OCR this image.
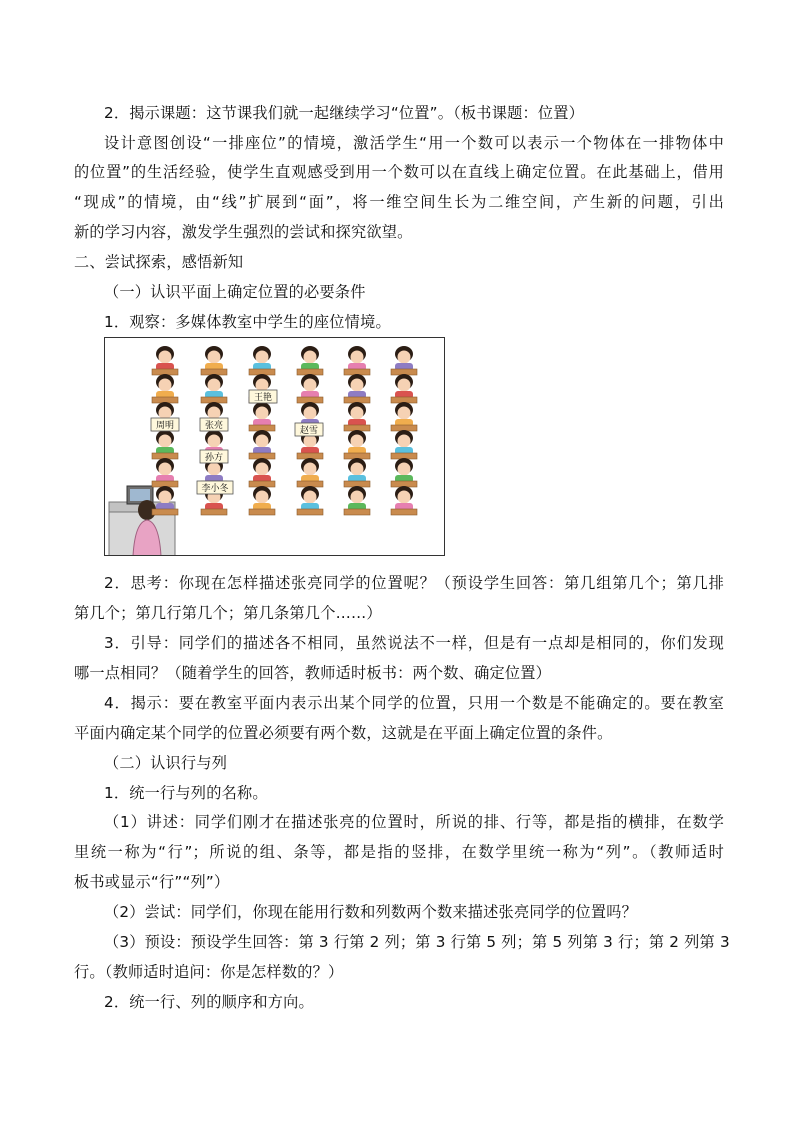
2．揭示课题：这节课我们就一起继续学习“位置”。（板书课题：位置）
设计意图创设“一排座位”的情境，激活学生“用一个数可以表示一个物体在一排物体中
的位置”的生活经验，使学生直观感受到用一个数可以在直线上确定位置。在此基础上，借用
“现成”的情境，由“线”扩展到“面”，将一维空间生长为二维空间，产生新的问题，引出
新的学习内容，激发学生强烈的尝试和探究欲望。
二、尝试探索，感悟新知
（一）认识平面上确定位置的必要条件
1．观察：多媒体教室中学生的座位情境。
王艳
周明	张亮	赵雪
孙方
李小冬
2．思考：你现在怎样描述张亮同学的位置呢？（预设学生回答：第几组第几个；第几排
第几个；第几行第几个；第几条第几个……）
3．引导：同学们的描述各不相同，虽然说法不一样，但是有一点却是相同的，你们发现
哪一点相同？（随着学生的回答，教师适时板书：两个数、确定位置）
4．揭示：要在教室平面内表示出某个同学的位置，只用一个数是不能确定的。要在教室
平面内确定某个同学的位置必须要有两个数，这就是在平面上确定位置的条件。
（二）认识行与列
1．统一行与列的名称。
（1）讲述：同学们刚才在描述张亮的位置时，所说的排、行等，都是指的横排，在数学
里统一称为“行”；所说的组、条等，都是指的竖排，在数学里统一称为“列”。（教师适时
板书或显示“行”“列”）
（2）尝试：同学们，你现在能用行数和列数两个数来描述张亮同学的位置吗？
（3）预设：预设学生回答：第 3 行第 2 列；第 3 行第 5 列；第 5 列第 3 行；第 2 列第 3
行。（教师适时追问：你是怎样数的？）
2．统一行、列的顺序和方向。
